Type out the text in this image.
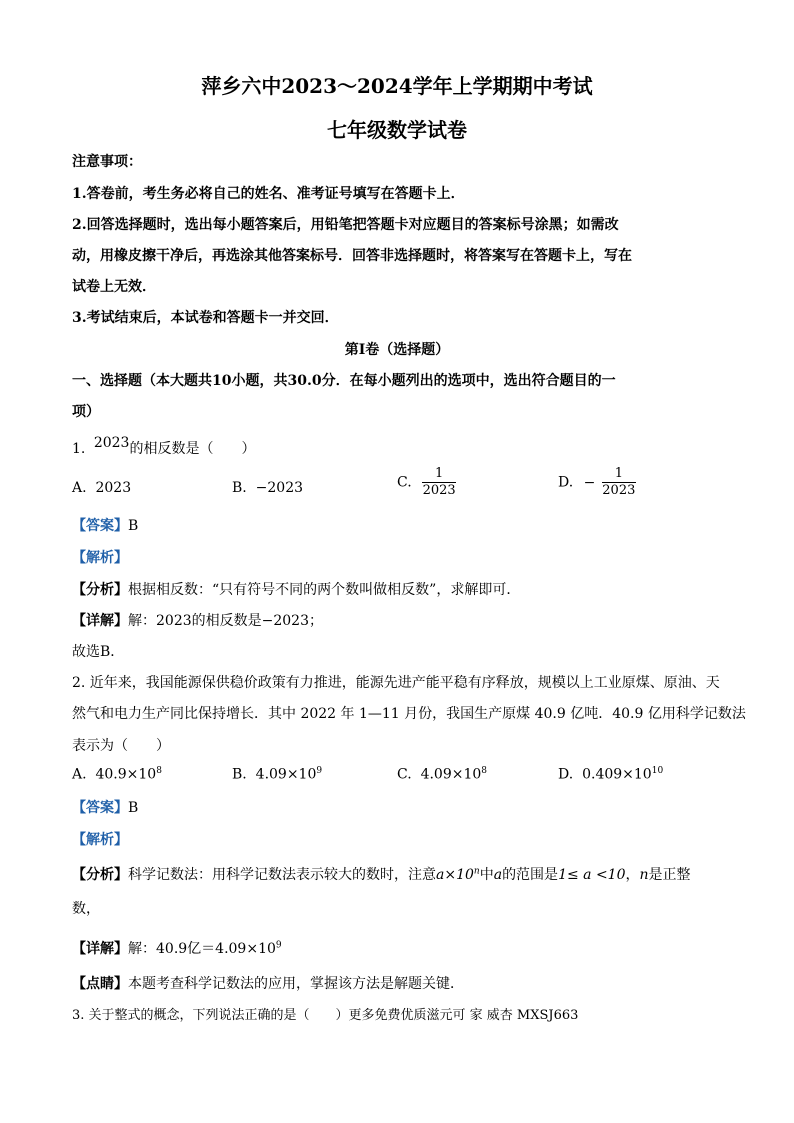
萍乡六中2023～2024学年上学期期中考试
七年级数学试卷
注意事项：
1.答卷前，考生务必将自己的姓名、准考证号填写在答题卡上．
2.回答选择题时，选出每小题答案后，用铅笔把答题卡对应题目的答案标号涂黑；如需改
动，用橡皮擦干净后，再选涂其他答案标号．回答非选择题时，将答案写在答题卡上，写在
试卷上无效．
3.考试结束后，本试卷和答题卡一并交回．
第I卷（选择题）
一、选择题（本大题共10小题，共30.0分．在每小题列出的选项中，选出符合题目的一
项）
1. 2023的相反数是（　　）
A. 2023	B. −2023	C. $\frac{1}{2023}$	D. − $\frac{1}{2023}$
【答案】B
【解析】
【分析】根据相反数：“只有符号不同的两个数叫做相反数”，求解即可．
【详解】解：2023的相反数是−2023；
故选B．
2. 近年来，我国能源保供稳价政策有力推进，能源先进产能平稳有序释放，规模以上工业原煤、原油、天
然气和电力生产同比保持增长．其中 2022 年 1—11 月份，我国生产原煤 40.9 亿吨．40.9 亿用科学记数法
表示为（　　）
A. $40.9\times 10^8$	B. $4.09\times 10^9$	C. $4.09\times 10^8$	D. $0.409\times 10^{10}$
【答案】B
【解析】
【分析】科学记数法：用科学记数法表示较大的数时，注意$a\times 10^n$中a的范围是1≤ a <10，n是正整
数，
【详解】解：40.9亿$=4.09\times 10^9$
【点睛】本题考查科学记数法的应用，掌握该方法是解题关键．
3. 关于整式的概念，下列说法正确的是（　　）更多免费优质滋元可 家 威杏 MXSJ663
